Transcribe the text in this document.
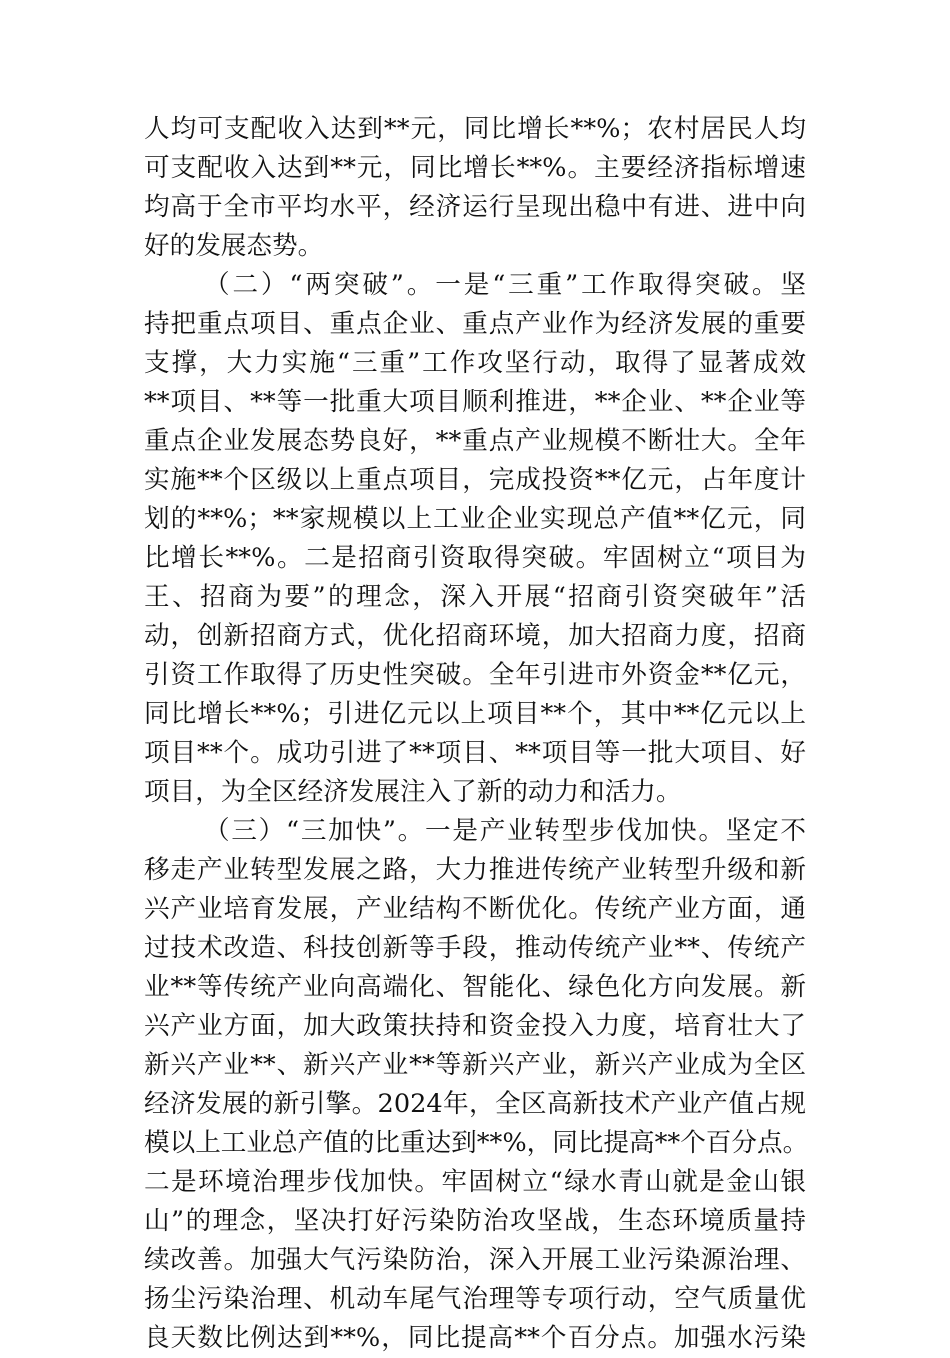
人均可支配收入达到**元，同比增长**%；农村居民人均
可支配收入达到**元，同比增长**%。主要经济指标增速
均高于全市平均水平，经济运行呈现出稳中有进、进中向
好的发展态势。
（二）“两突破”。一是“三重”工作取得突破。坚
持把重点项目、重点企业、重点产业作为经济发展的重要
支撑，大力实施“三重”工作攻坚行动，取得了显著成效
**项目、**等一批重大项目顺利推进，**企业、**企业等
重点企业发展态势良好，**重点产业规模不断壮大。全年
实施**个区级以上重点项目，完成投资**亿元，占年度计
划的**%；**家规模以上工业企业实现总产值**亿元，同
比增长**%。二是招商引资取得突破。牢固树立“项目为
王、招商为要”的理念，深入开展“招商引资突破年”活
动，创新招商方式，优化招商环境，加大招商力度，招商
引资工作取得了历史性突破。全年引进市外资金**亿元，
同比增长**%；引进亿元以上项目**个，其中**亿元以上
项目**个。成功引进了**项目、**项目等一批大项目、好
项目，为全区经济发展注入了新的动力和活力。
（三）“三加快”。一是产业转型步伐加快。坚定不
移走产业转型发展之路，大力推进传统产业转型升级和新
兴产业培育发展，产业结构不断优化。传统产业方面，通
过技术改造、科技创新等手段，推动传统产业**、传统产
业**等传统产业向高端化、智能化、绿色化方向发展。新
兴产业方面，加大政策扶持和资金投入力度，培育壮大了
新兴产业**、新兴产业**等新兴产业，新兴产业成为全区
经济发展的新引擎。2024年，全区高新技术产业产值占规
模以上工业总产值的比重达到**%，同比提高**个百分点。
二是环境治理步伐加快。牢固树立“绿水青山就是金山银
山”的理念，坚决打好污染防治攻坚战，生态环境质量持
续改善。加强大气污染防治，深入开展工业污染源治理、
扬尘污染治理、机动车尾气治理等专项行动，空气质量优
良天数比例达到**%，同比提高**个百分点。加强水污染
